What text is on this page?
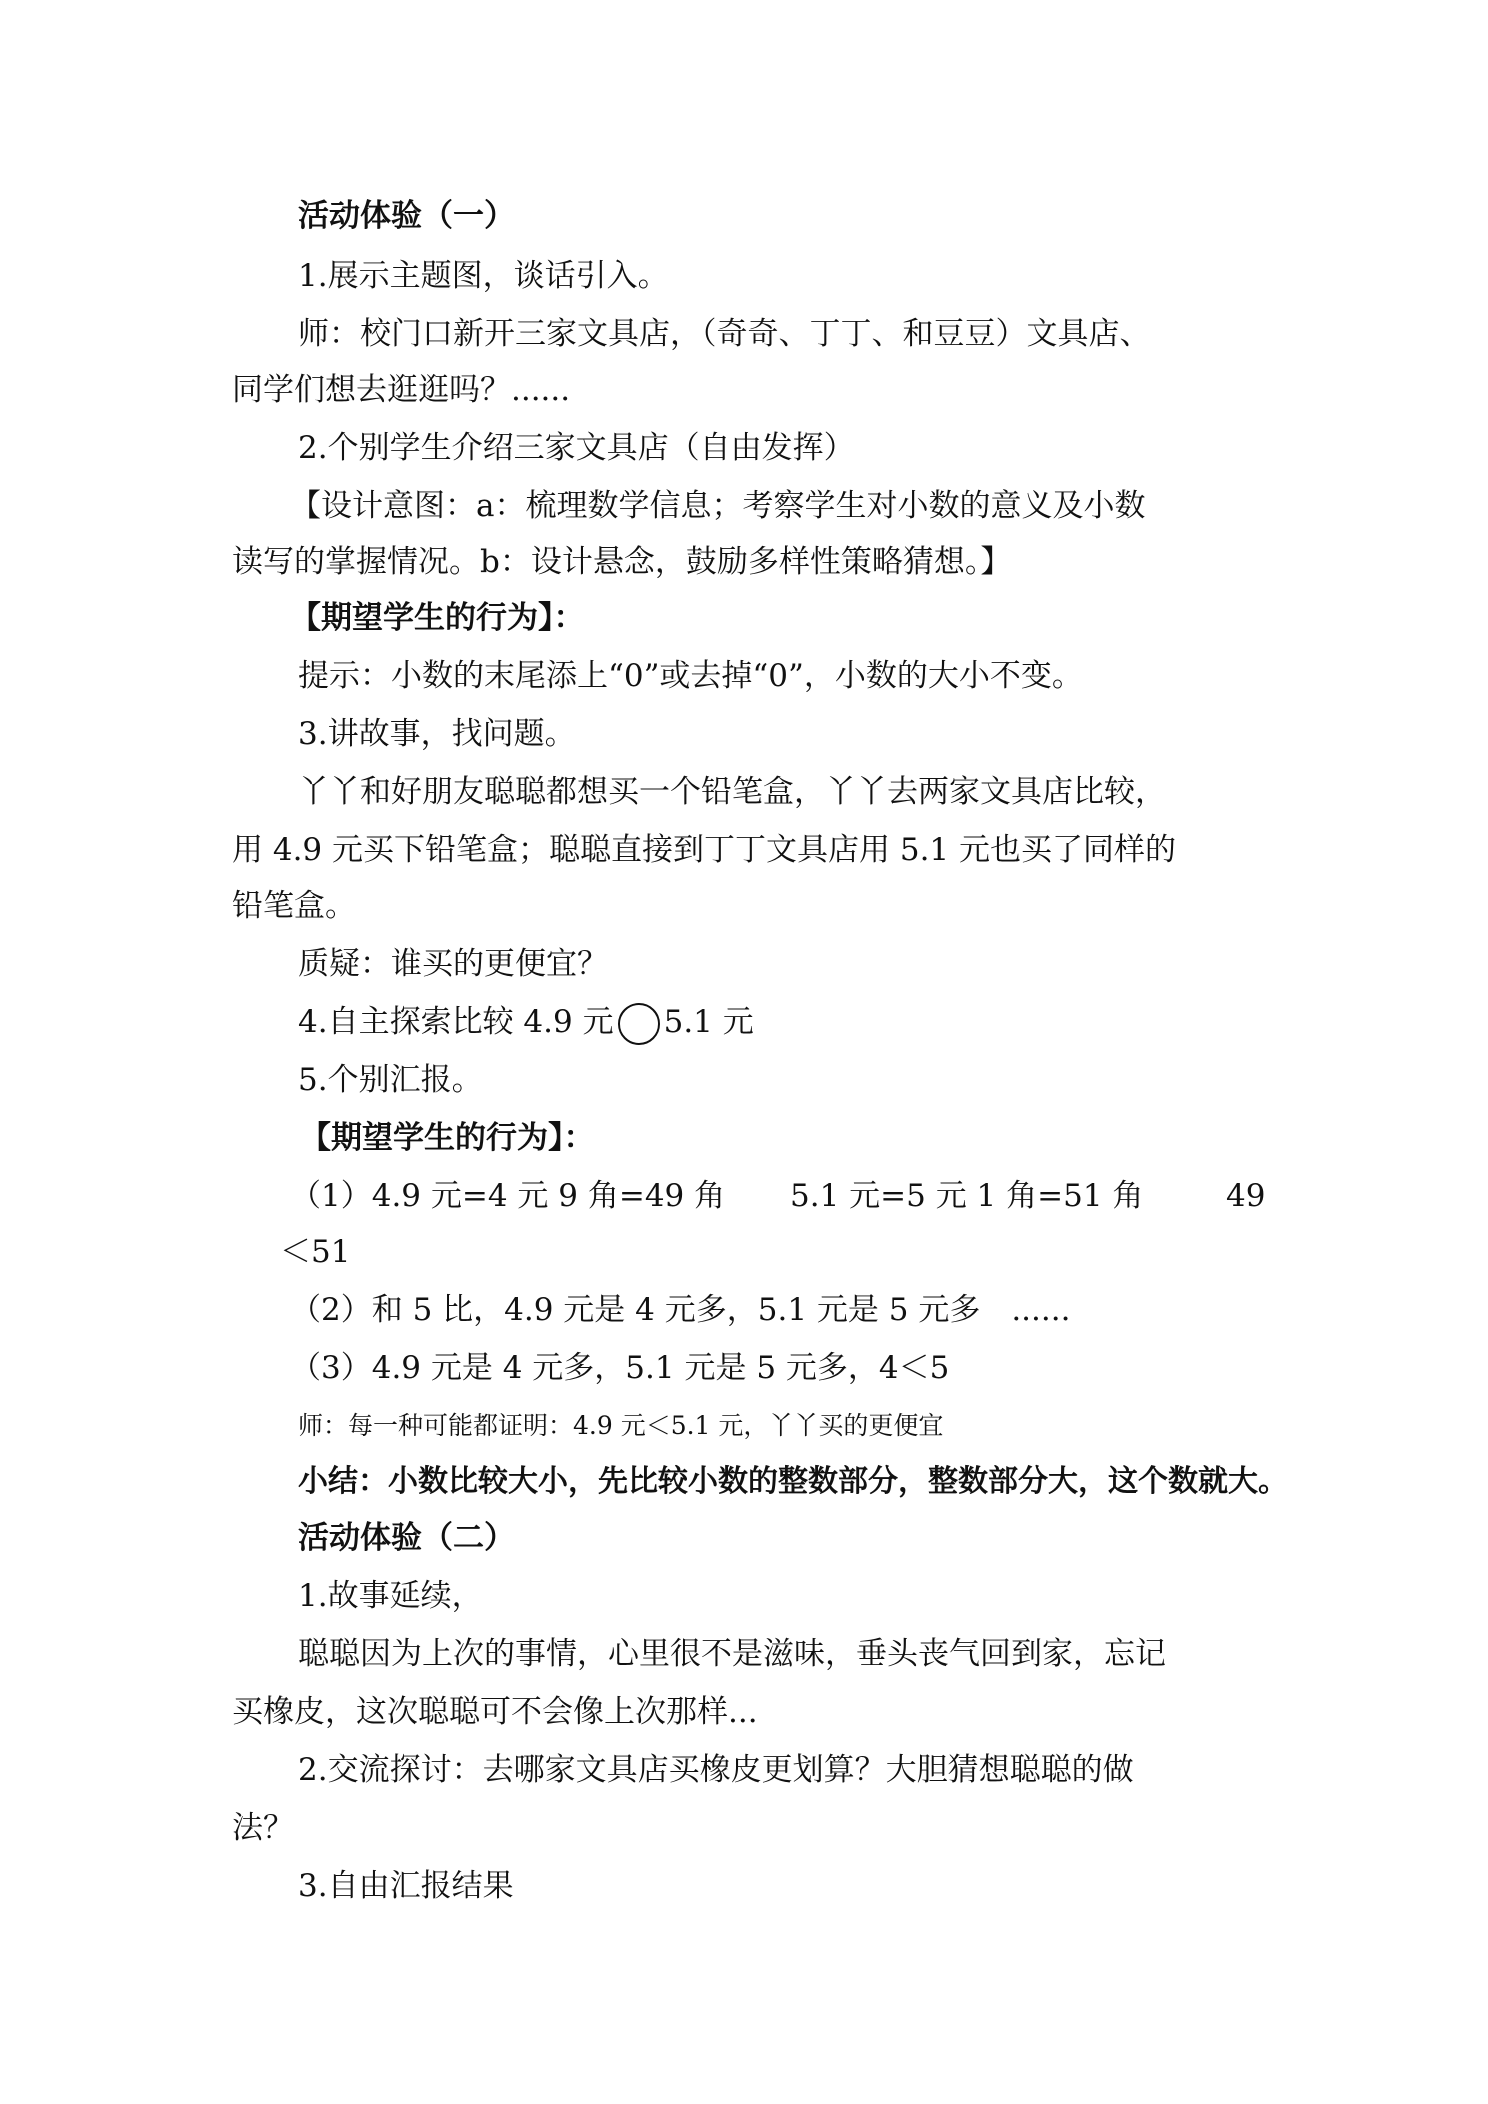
活动体验（一）
1.展示主题图，谈话引入。
师：校门口新开三家文具店，（奇奇、丁丁、和豆豆）文具店、
同学们想去逛逛吗？......
2.个别学生介绍三家文具店（自由发挥）
【设计意图：a：梳理数学信息；考察学生对小数的意义及小数
读写的掌握情况。b：设计悬念，鼓励多样性策略猜想。】
【期望学生的行为】：
提示：小数的末尾添上“0”或去掉“0”，小数的大小不变。
3.讲故事，找问题。
丫丫和好朋友聪聪都想买一个铅笔盒，丫丫去两家文具店比较，
用 4.9 元买下铅笔盒；聪聪直接到丁丁文具店用 5.1 元也买了同样的
铅笔盒。
质疑：谁买的更便宜？
4.自主探索比较 4.9 元 5.1 元
5.个别汇报。
【期望学生的行为】：
（1）4.9 元=4 元 9 角=49 角 5.1 元=5 元 1 角=51 角	49
＜51
（2）和 5 比，4.9 元是 4 元多，5.1 元是 5 元多　......
（3）4.9 元是 4 元多，5.1 元是 5 元多，4＜5
师：每一种可能都证明：4.9 元＜5.1 元，丫丫买的更便宜
小结：小数比较大小，先比较小数的整数部分，整数部分大，这个数就大。
活动体验（二）
1.故事延续，
聪聪因为上次的事情，心里很不是滋味，垂头丧气回到家，忘记
买橡皮，这次聪聪可不会像上次那样...
2.交流探讨：去哪家文具店买橡皮更划算？大胆猜想聪聪的做
法？
3.自由汇报结果
